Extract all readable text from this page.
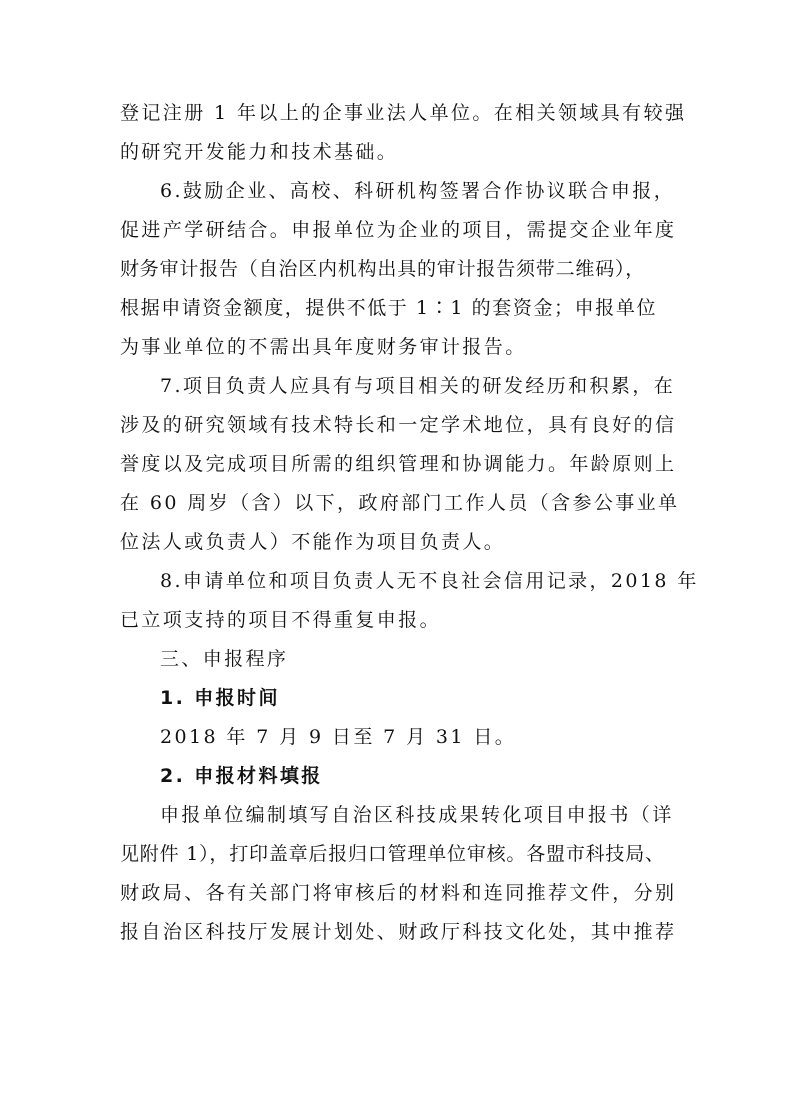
登记注册 1 年以上的企事业法人单位。在相关领域具有较强
的研究开发能力和技术基础。
6.鼓励企业、高校、科研机构签署合作协议联合申报，
促进产学研结合。申报单位为企业的项目，需提交企业年度
财务审计报告（自治区内机构出具的审计报告须带二维码），
根据申请资金额度，提供不低于 1∶1 的套资金；申报单位
为事业单位的不需出具年度财务审计报告。
7.项目负责人应具有与项目相关的研发经历和积累，在
涉及的研究领域有技术特长和一定学术地位，具有良好的信
誉度以及完成项目所需的组织管理和协调能力。年龄原则上
在 60 周岁（含）以下，政府部门工作人员（含参公事业单
位法人或负责人）不能作为项目负责人。
8.申请单位和项目负责人无不良社会信用记录，2018 年
已立项支持的项目不得重复申报。
三、申报程序
1. 申报时间
2018 年 7 月 9 日至 7 月 31 日。
2. 申报材料填报
申报单位编制填写自治区科技成果转化项目申报书（详
见附件 1），打印盖章后报归口管理单位审核。各盟市科技局、
财政局、各有关部门将审核后的材料和连同推荐文件，分别
报自治区科技厅发展计划处、财政厅科技文化处，其中推荐
